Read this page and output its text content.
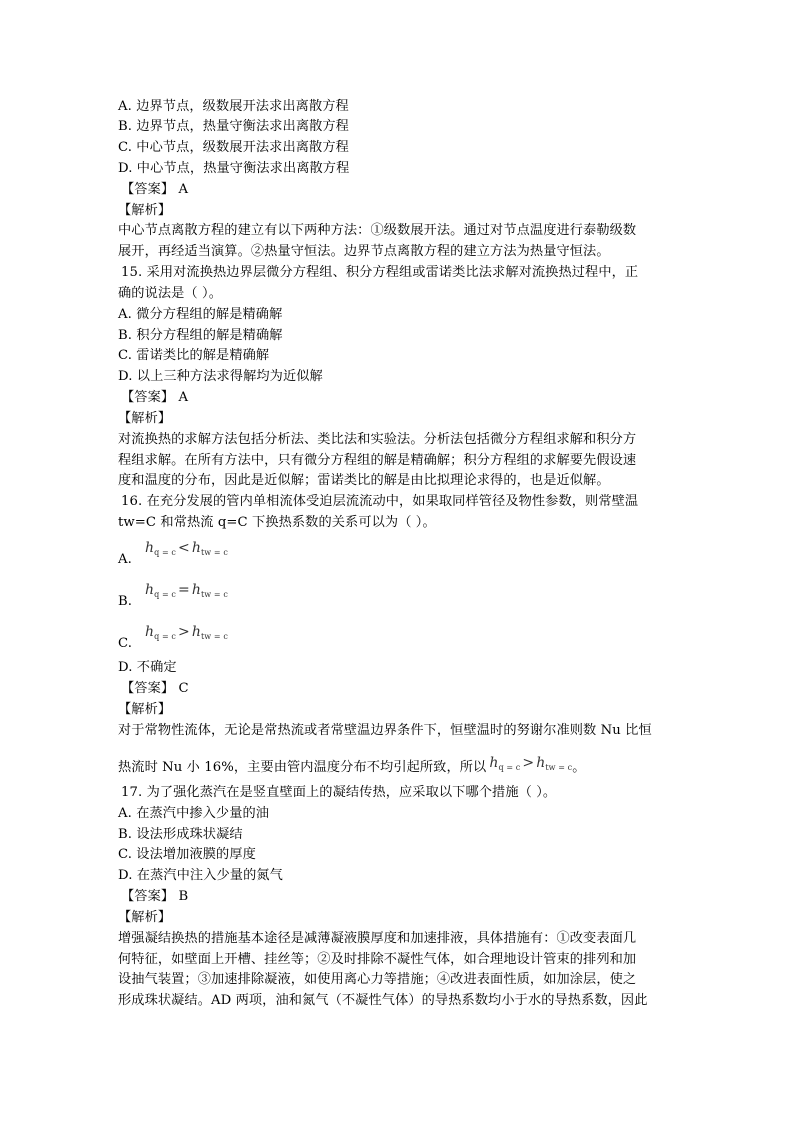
A. 边界节点，级数展开法求出离散方程
B. 边界节点，热量守衡法求出离散方程
C. 中心节点，级数展开法求出离散方程
D. 中心节点，热量守衡法求出离散方程
【答案】 A
【解析】
中心节点离散方程的建立有以下两种方法：①级数展开法。通过对节点温度进行泰勒级数
展开，再经适当演算。②热量守恒法。边界节点离散方程的建立方法为热量守恒法。
15. 采用对流换热边界层微分方程组、积分方程组或雷诺类比法求解对流换热过程中，正
确的说法是（ ）。
A. 微分方程组的解是精确解
B. 积分方程组的解是精确解
C. 雷诺类比的解是精确解
D. 以上三种方法求得解均为近似解
【答案】 A
【解析】
对流换热的求解方法包括分析法、类比法和实验法。分析法包括微分方程组求解和积分方
程组求解。在所有方法中，只有微分方程组的解是精确解；积分方程组的求解要先假设速
度和温度的分布，因此是近似解；雷诺类比的解是由比拟理论求得的，也是近似解。
16. 在充分发展的管内单相流体受迫层流流动中，如果取同样管径及物性参数，则常壁温
tw=C 和常热流 q=C 下换热系数的关系可以为（ ）。
A.
$h_{q = c} < h_{tw = c}$
B.
$h_{q = c} = h_{tw = c}$
C.
$h_{q = c} > h_{tw = c}$
D. 不确定
【答案】 C
【解析】
对于常物性流体，无论是常热流或者常壁温边界条件下，恒壁温时的努谢尔准则数 Nu 比恒
热流时 Nu 小 16%，主要由管内温度分布不均引起所致，所以 $h_{q = c} > h_{tw = c}$。
17. 为了强化蒸汽在是竖直壁面上的凝结传热，应采取以下哪个措施（ ）。
A. 在蒸汽中掺入少量的油
B. 设法形成珠状凝结
C. 设法增加液膜的厚度
D. 在蒸汽中注入少量的氮气
【答案】 B
【解析】
增强凝结换热的措施基本途径是减薄凝液膜厚度和加速排液，具体措施有：①改变表面几
何特征，如壁面上开槽、挂丝等；②及时排除不凝性气体，如合理地设计管束的排列和加
设抽气装置；③加速排除凝液，如使用离心力等措施；④改进表面性质，如加涂层，使之
形成珠状凝结。AD 两项，油和氮气（不凝性气体）的导热系数均小于水的导热系数，因此
